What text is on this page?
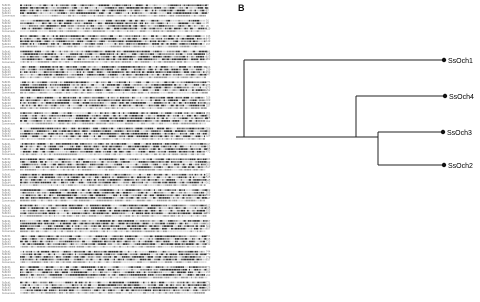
SsOch1	46
SsOch2	52
SsOch3	57
SsOch4	67
Consensus
SsOch1	91
SsOch2	95
SsOch3	95
SsOch4	110
Consensus
SsOch1	136
SsOch2	140
SsOch3	140
SsOch4	157
Consensus
SsOch1	181
SsOch2	185
SsOch3	185
SsOch4	202
Consensus
SsOch1	226
SsOch2	230
SsOch3	230
SsOch4	247
Consensus
SsOch1	271
SsOch2	275
SsOch3	275
SsOch4	292
Consensus
SsOch1	316
SsOch2	320
SsOch3	320
SsOch4	337
Consensus
SsOch1	361
SsOch2	365
SsOch3	365
SsOch4	382
Consensus
SsOch1	398
SsOch2	410
SsOch3	410
SsOch4	427
Consensus
SsOch1	437
SsOch2	455
SsOch3	455
SsOch4	472
Consensus
SsOch1	481
SsOch2	500
SsOch3	500
SsOch4	517
Consensus
SsOch1	523
SsOch2	545
SsOch3	545
SsOch4	562
Consensus
SsOch1	568
SsOch2	590
SsOch3	590
SsOch4	607
Consensus
SsOch1	612
SsOch2	635
SsOch3	635
SsOch4	652
Consensus
SsOch1	657
SsOch2	680
SsOch3	680
SsOch4	697
Consensus
SsOch1	701
SsOch2	725
SsOch3	725
SsOch4	742
Consensus
SsOch1	744
SsOch2	770
SsOch3	770
SsOch4	787
Consensus
SsOch1	771
SsOch2	816
SsOch3	813
SsOch4	833
Consensus
SsOch1	771
SsOch2	826
SsOch3	826
SsOch4	838
Consensus
B
SsOch1
SsOch4
SsOch3
SsOch2
